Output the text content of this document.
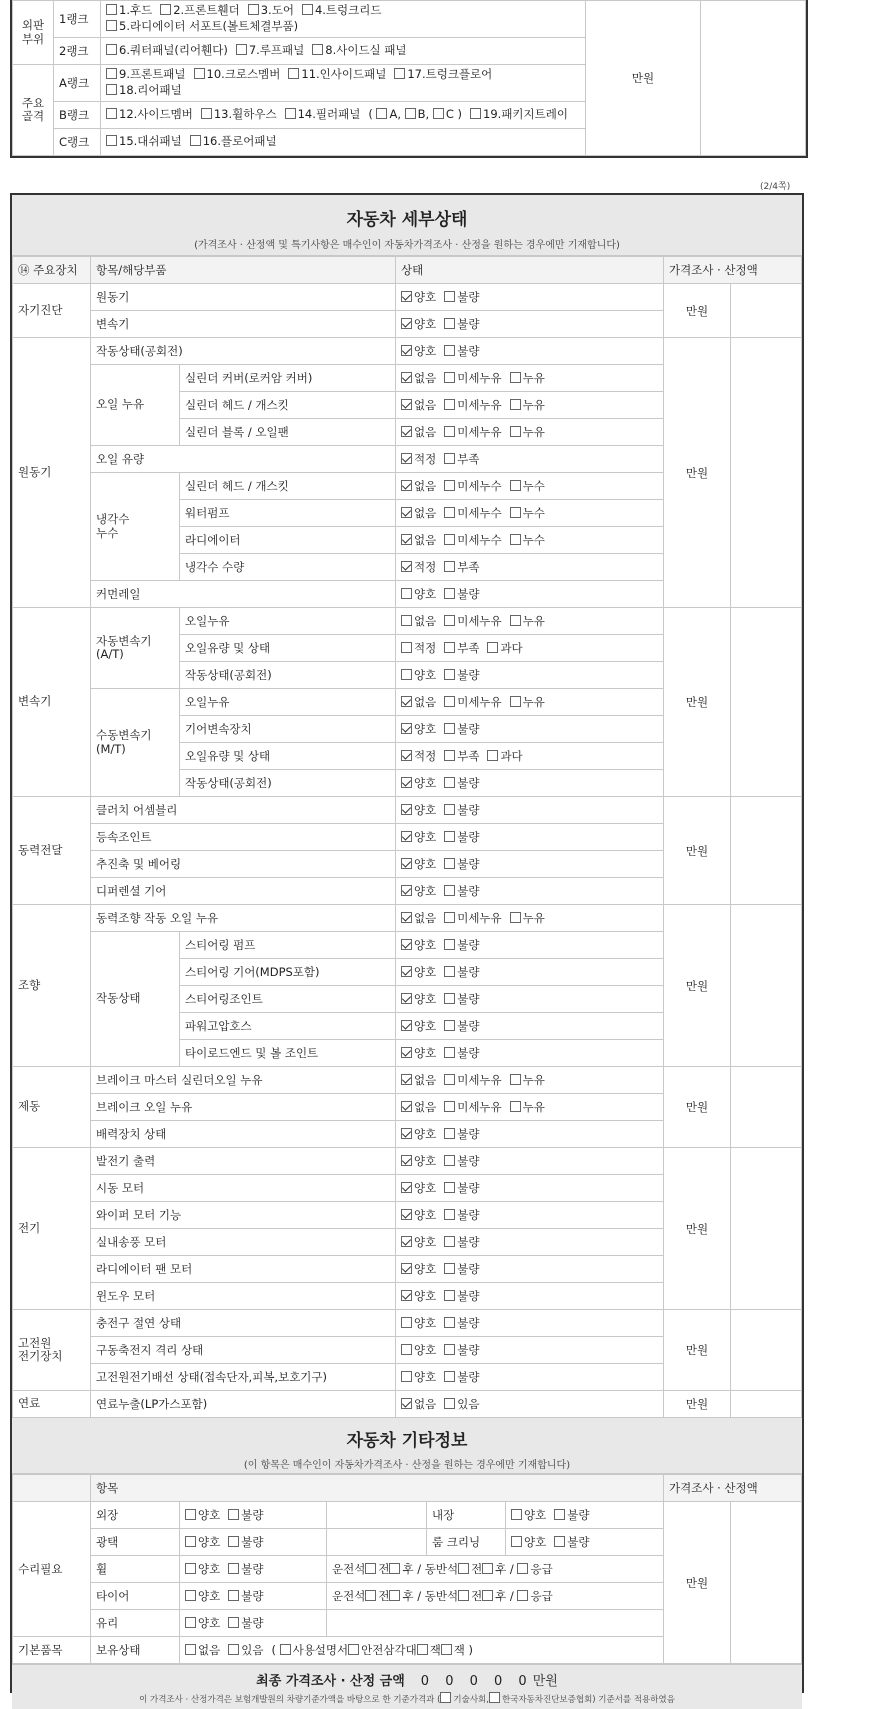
외판
부위	1랭크	1.후드 2.프론트휀더 3.도어 4.트렁크리드
5.라디에이터 서포트(볼트체결부품)	만원	
	2랭크	6.쿼터패널(리어휀다) 7.루프패널 8.사이드실 패널		
주요
골격	A랭크	9.프론트패널 10.크로스멤버 11.인사이드패널 17.트렁크플로어
18.리어패널		
	B랭크	12.사이드멤버 13.휠하우스 14.필러패널 ( A, B, C ) 19.패키지트레이		
	C랭크	15.대쉬패널 16.플로어패널		
(2/4쪽)
자동차 세부상태
(가격조사 · 산정액 및 특기사항은 매수인이 자동차가격조사 · 산정을 원하는 경우에만 기재합니다)
⑭ 주요장치	항목/해당부품		상태	가격조사 · 산정액	
자기진단	원동기		양호 불량	만원	
	변속기		양호 불량		
원동기	작동상태(공회전)		양호 불량	만원	
	오일 누유	실린더 커버(로커암 커버)	없음 미세누유 누유		
		실린더 헤드 / 개스킷	없음 미세누유 누유		
		실린더 블록 / 오일팬	없음 미세누유 누유		
	오일 유량		적정 부족		
	냉각수
누수	실린더 헤드 / 개스킷	없음 미세누수 누수		
		워터펌프	없음 미세누수 누수		
		라디에이터	없음 미세누수 누수		
		냉각수 수량	적정 부족		
	커먼레일		양호 불량		
변속기	자동변속기
(A/T)	오일누유	없음 미세누유 누유	만원	
		오일유량 및 상태	적정 부족 과다		
		작동상태(공회전)	양호 불량		
	수동변속기
(M/T)	오일누유	없음 미세누유 누유		
		기어변속장치	양호 불량		
		오일유량 및 상태	적정 부족 과다		
		작동상태(공회전)	양호 불량		
동력전달	클러치 어셈블리		양호 불량	만원	
	등속조인트		양호 불량		
	추진축 및 베어링		양호 불량		
	디퍼렌셜 기어		양호 불량		
조향	동력조향 작동 오일 누유		없음 미세누유 누유	만원	
	작동상태	스티어링 펌프	양호 불량		
		스티어링 기어(MDPS포함)	양호 불량		
		스티어링조인트	양호 불량		
		파워고압호스	양호 불량		
		타이로드엔드 및 볼 조인트	양호 불량		
제동	브레이크 마스터 실린더오일 누유		없음 미세누유 누유	만원	
	브레이크 오일 누유		없음 미세누유 누유		
	배력장치 상태		양호 불량		
전기	발전기 출력		양호 불량	만원	
	시동 모터		양호 불량		
	와이퍼 모터 기능		양호 불량		
	실내송풍 모터		양호 불량		
	라디에이터 팬 모터		양호 불량		
	윈도우 모터		양호 불량		
고전원
전기장치	충전구 절연 상태		양호 불량	만원	
	구동축전지 격리 상태		양호 불량		
	고전원전기배선 상태(접속단자,피복,보호기구)		양호 불량		
연료	연료누출(LP가스포함)		없음 있음	만원	
자동차 기타정보
(이 항목은 매수인이 자동차가격조사 · 산정을 원하는 경우에만 기재합니다)
	항목					가격조사 · 산정액	
수리필요	외장	양호 불량		내장	양호 불량	만원	
	광택	양호 불량		룸 크리닝	양호 불량		
	휠	양호 불량	운전석 전 후 / 동반석 전 후 / 응급				
	타이어	양호 불량	운전석 전 후 / 동반석 전 후 / 응급				
	유리	양호 불량					
기본품목	보유상태	없음 있음 ( 사용설명서 안전삼각대 잭 잭 )					
최종 가격조사 · 산정 금액 0 0 0 0 0만원
이 가격조사 · 산정가격은 보험개발원의 차량기준가액을 바탕으로 한 기준가격과 ( 기술사회, 한국자동차진단보증협회) 기준서를 적용하였음
